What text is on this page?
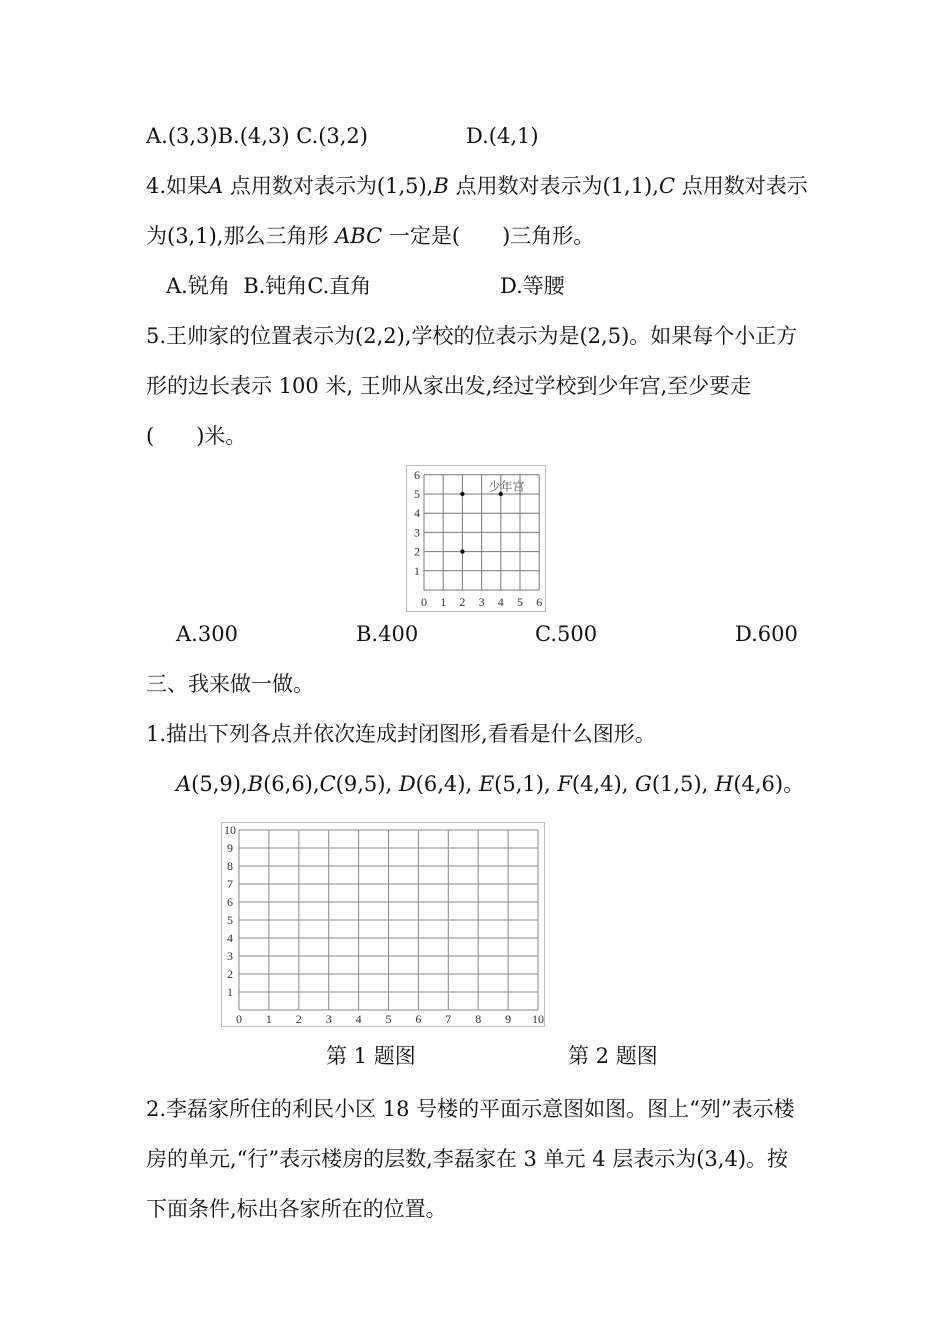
A.(3,3)B.(4,3) C.(3,2)	D.(4,1)
4.如果A 点用数对表示为(1,5),B 点用数对表示为(1,1),C 点用数对表示
为(3,1),那么三角形 ABC 一定是(　　)三角形。
A.锐角 B.钝角C.直角	D.等腰
5.王帅家的位置表示为(2,2),学校的位表示为是(2,5)。如果每个小正方
形的边长表示 100 米, 王帅从家出发,经过学校到少年宫,至少要走
(　　)米。
0 1 2 3 4 5 6
1
2
3
4
5
6
少年宫
A.300	B.400	C.500	D.600
三、我来做一做。
1.描出下列各点并依次连成封闭图形,看看是什么图形。
A(5,9),B(6,6),C(9,5), D(6,4), E(5,1), F(4,4), G(1,5), H(4,6)。
0 1 2 3 4 5 6 7 8 9 10
1
2
3
4
5
6
7
8
9
10
第 1 题图	第 2 题图
2.李磊家所住的利民小区 18 号楼的平面示意图如图。图上“列”表示楼
房的单元,“行”表示楼房的层数,李磊家在 3 单元 4 层表示为(3,4)。按
下面条件,标出各家所在的位置。
